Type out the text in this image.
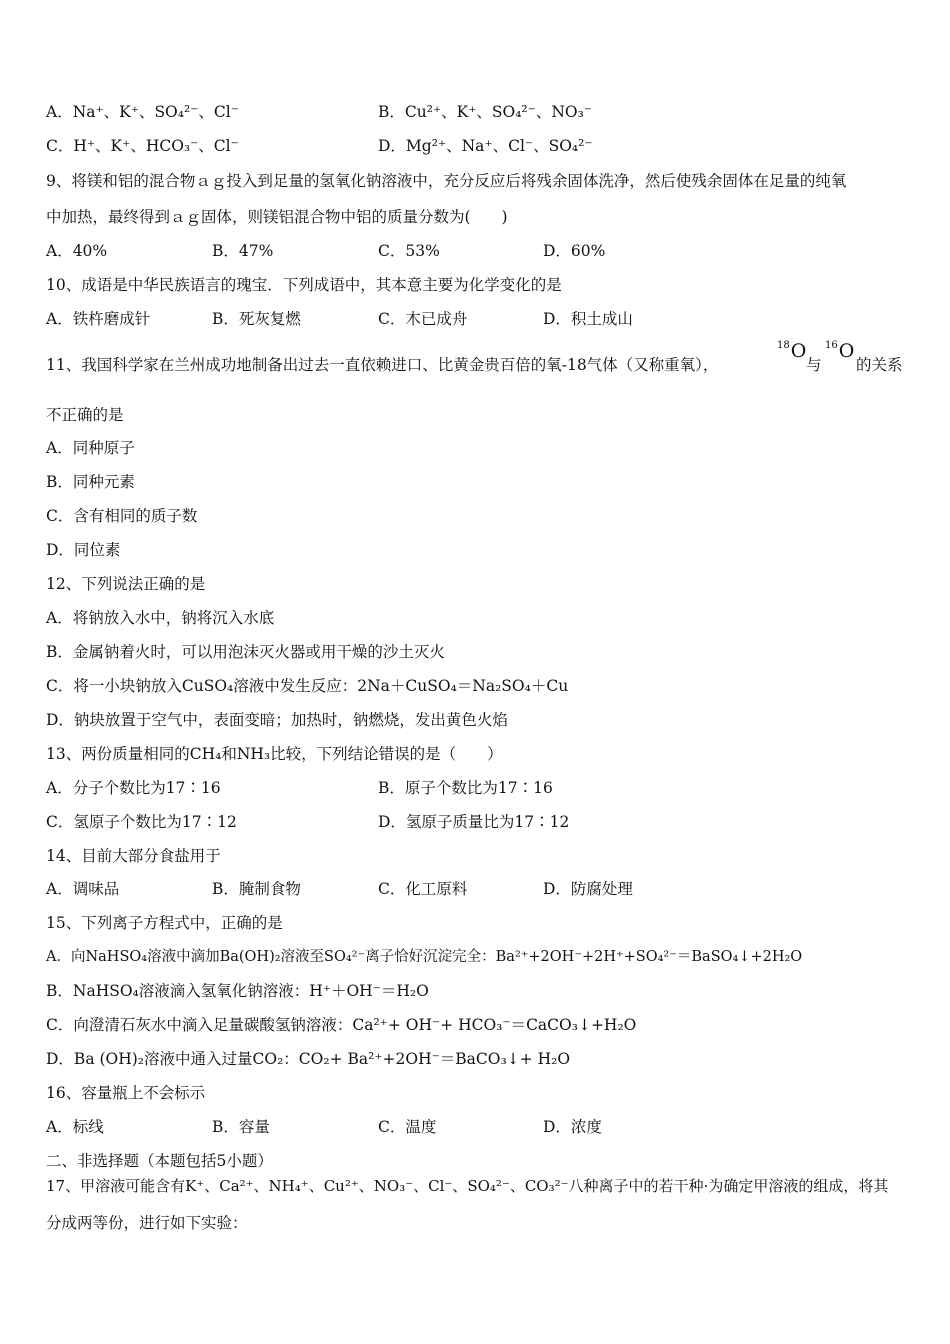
A．Na⁺、K⁺、SO₄²⁻、Cl⁻	B．Cu²⁺、K⁺、SO₄²⁻、NO₃⁻
C．H⁺、K⁺、HCO₃⁻、Cl⁻	D．Mg²⁺、Na⁺、Cl⁻、SO₄²⁻
9、将镁和铝的混合物ａｇ投入到足量的氢氧化钠溶液中，充分反应后将残余固体洗净，然后使残余固体在足量的纯氧
中加热，最终得到ａｇ固体，则镁铝混合物中铝的质量分数为(　　)
A．40%	B．47%	C．53%	D．60%
10、成语是中华民族语言的瑰宝．下列成语中，其本意主要为化学变化的是
A．铁杵磨成针	B．死灰复燃	C．木已成舟	D．积土成山
11、我国科学家在兰州成功地制备出过去一直依赖进口、比黄金贵百倍的氧-18气体（又称重氧），
$^{18}$O
与
$^{16}$O
的关系
不正确的是
A．同种原子
B．同种元素
C．含有相同的质子数
D．同位素
12、下列说法正确的是
A．将钠放入水中，钠将沉入水底
B．金属钠着火时，可以用泡沫灭火器或用干燥的沙土灭火
C．将一小块钠放入CuSO₄溶液中发生反应：2Na＋CuSO₄＝Na₂SO₄＋Cu
D．钠块放置于空气中，表面变暗；加热时，钠燃烧，发出黄色火焰
13、两份质量相同的CH₄和NH₃比较，下列结论错误的是（　　）
A．分子个数比为17∶16	B．原子个数比为17∶16
C．氢原子个数比为17∶12	D．氢原子质量比为17∶12
14、目前大部分食盐用于
A．调味品	B．腌制食物	C．化工原料	D．防腐处理
15、下列离子方程式中，正确的是
A．向NaHSO₄溶液中滴加Ba(OH)₂溶液至SO₄²⁻离子恰好沉淀完全：Ba²⁺+2OH⁻+2H⁺+SO₄²⁻＝BaSO₄↓+2H₂O
B．NaHSO₄溶液滴入氢氧化钠溶液：H⁺＋OH⁻＝H₂O
C．向澄清石灰水中滴入足量碳酸氢钠溶液：Ca²⁺+ OH⁻+ HCO₃⁻＝CaCO₃↓+H₂O
D．Ba (OH)₂溶液中通入过量CO₂：CO₂+ Ba²⁺+2OH⁻＝BaCO₃↓+ H₂O
16、容量瓶上不会标示
A．标线	B．容量	C．温度	D．浓度
二、非选择题（本题包括5小题）
17、甲溶液可能含有K⁺、Ca²⁺、NH₄⁺、Cu²⁺、NO₃⁻、Cl⁻、SO₄²⁻、CO₃²⁻八种离子中的若干种·为确定甲溶液的组成，将其
分成两等份，进行如下实验：
